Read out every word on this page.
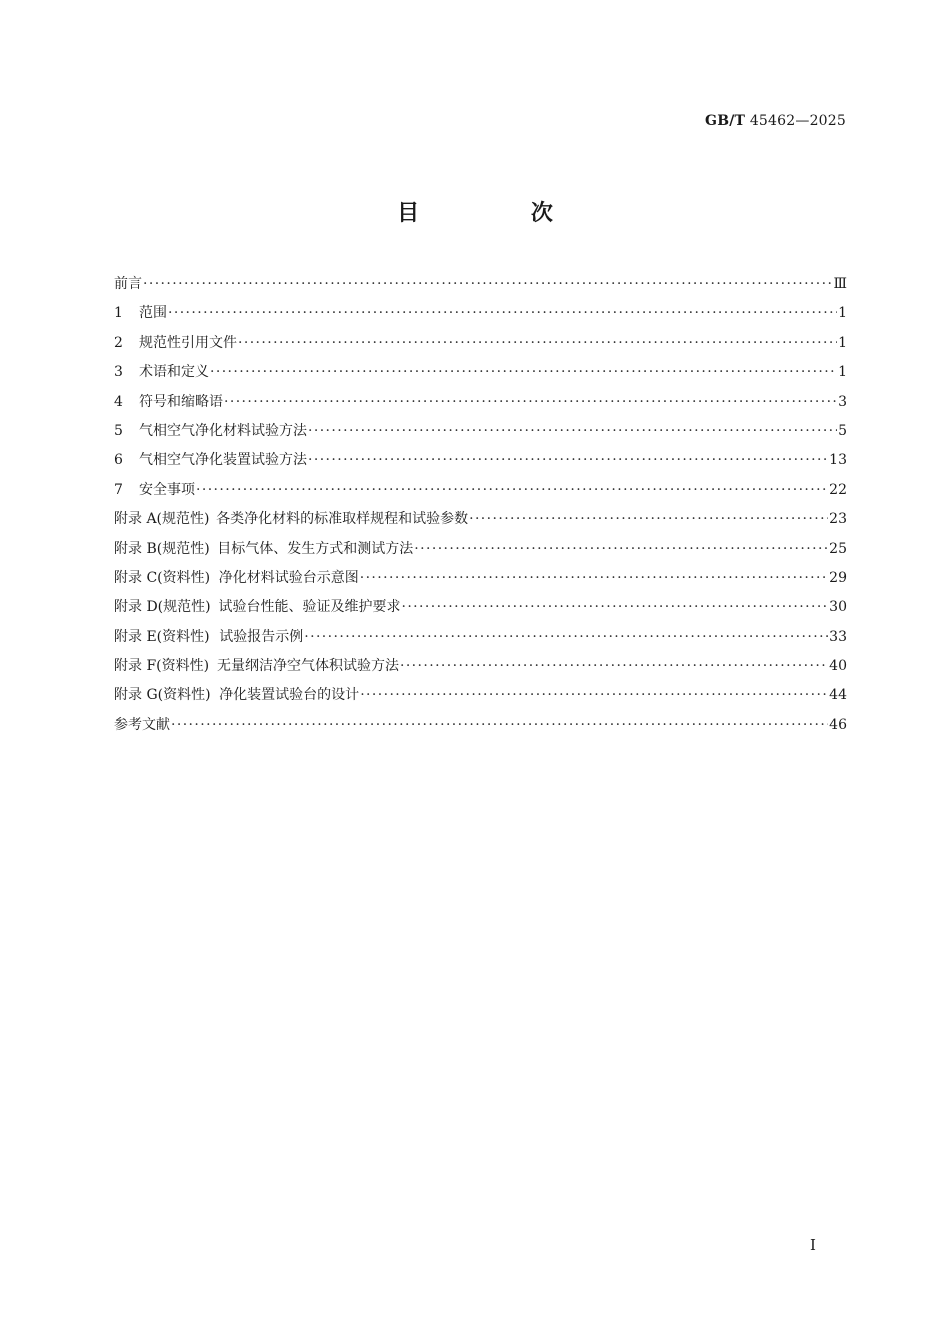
GB/T 45462—2025
目 次
前言 ·····	Ⅲ
1	范围 ·····	1
2	规范性引用文件 ·····	1
3	术语和定义 ·····	1
4	符号和缩略语 ·····	3
5	气相空气净化材料试验方法 ·····	5
6	气相空气净化装置试验方法 ·····	13
7	安全事项 ·····	22
附录 A(规范性) 各类净化材料的标准取样规程和试验参数 ·····	23
附录 B(规范性) 目标气体、发生方式和测试方法 ·····	25
附录 C(资料性) 净化材料试验台示意图 ·····	29
附录 D(规范性) 试验台性能、验证及维护要求 ·····	30
附录 E(资料性) 试验报告示例 ·····	33
附录 F(资料性) 无量纲洁净空气体积试验方法 ·····	40
附录 G(资料性) 净化装置试验台的设计 ·····	44
参考文献 ·····	46
I
